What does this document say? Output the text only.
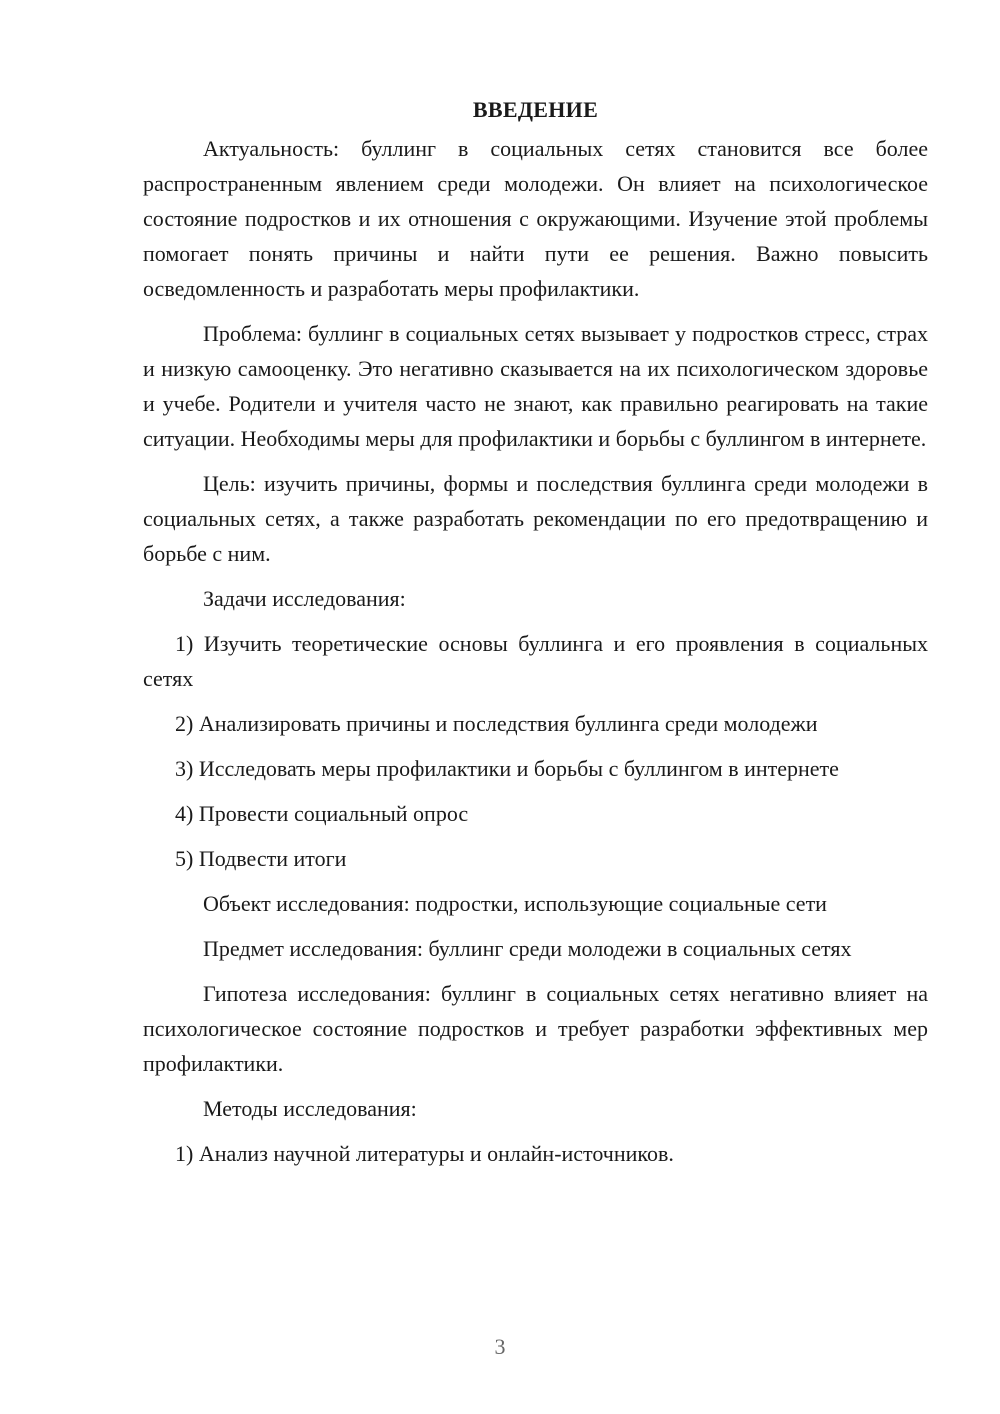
ВВЕДЕНИЕ

Актуальность: буллинг в социальных сетях становится все более распространенным явлением среди молодежи. Он влияет на психологическое состояние подростков и их отношения с окружающими. Изучение этой проблемы помогает понять причины и найти пути ее решения. Важно повысить осведомленность и разработать меры профилактики.

Проблема: буллинг в социальных сетях вызывает у подростков стресс, страх и низкую самооценку. Это негативно сказывается на их психологическом здоровье и учебе. Родители и учителя часто не знают, как правильно реагировать на такие ситуации. Необходимы меры для профилактики и борьбы с буллингом в интернете.

Цель: изучить причины, формы и последствия буллинга среди молодежи в социальных сетях, а также разработать рекомендации по его предотвращению и борьбе с ним.

Задачи исследования:

1) Изучить теоретические основы буллинга и его проявления в социальных сетях

2) Анализировать причины и последствия буллинга среди молодежи

3) Исследовать меры профилактики и борьбы с буллингом в интернете

4) Провести социальный опрос

5) Подвести итоги

Объект исследования: подростки, использующие социальные сети

Предмет исследования: буллинг среди молодежи в социальных сетях

Гипотеза исследования: буллинг в социальных сетях негативно влияет на психологическое состояние подростков и требует разработки эффективных мер профилактики.

Методы исследования:

1) Анализ научной литературы и онлайн-источников.

3
